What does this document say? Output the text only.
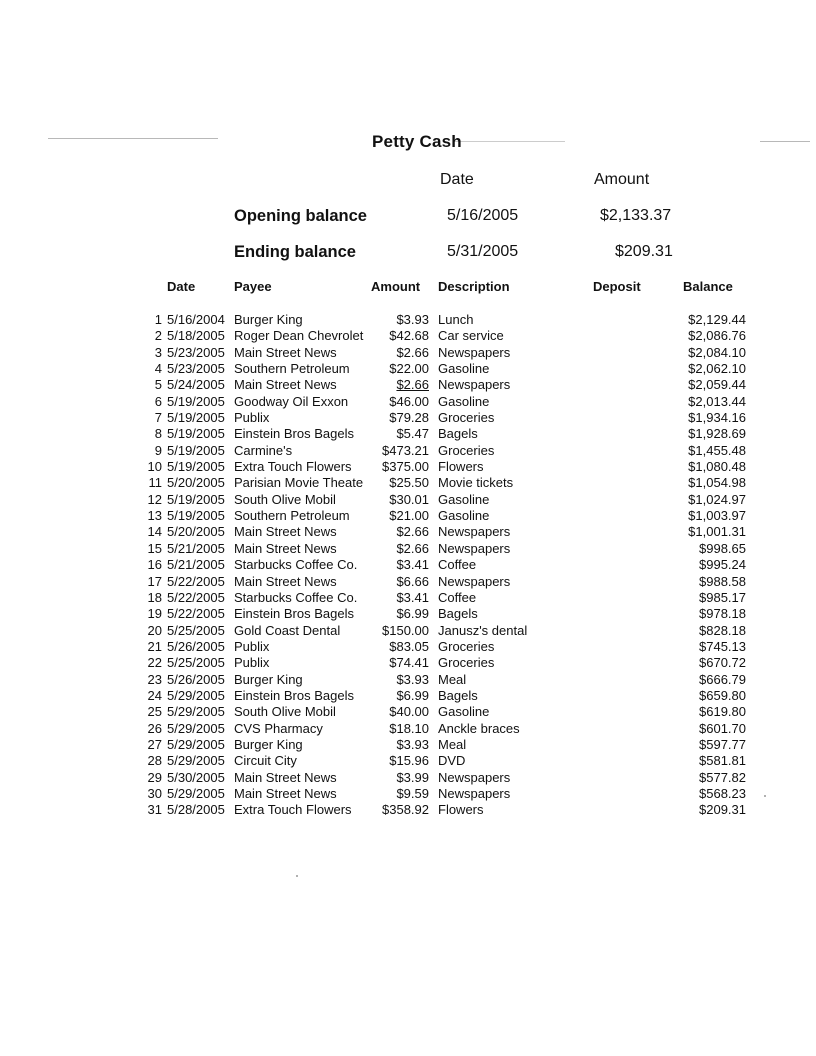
Petty Cash
Date	Amount
Opening balance	5/16/2005	$2,133.37
Ending balance	5/31/2005	$209.31
Date	Payee	Amount Description	Deposit	Balance
1 5/16/2004 Burger King	$3.93 Lunch	$2,129.44
2 5/18/2005 Roger Dean Chevrolet	$42.68 Car service	$2,086.76
3 5/23/2005 Main Street News	$2.66 Newspapers	$2,084.10
4 5/23/2005 Southern Petroleum	$22.00 Gasoline	$2,062.10
5 5/24/2005 Main Street News	$2.66 Newspapers	$2,059.44
6 5/19/2005 Goodway Oil Exxon	$46.00 Gasoline	$2,013.44
7 5/19/2005 Publix	$79.28 Groceries	$1,934.16
8 5/19/2005 Einstein Bros Bagels	$5.47 Bagels	$1,928.69
9 5/19/2005 Carmine's	$473.21 Groceries	$1,455.48
10 5/19/2005 Extra Touch Flowers	$375.00 Flowers	$1,080.48
11 5/20/2005 Parisian Movie Theate	$25.50 Movie tickets	$1,054.98
12 5/19/2005 South Olive Mobil	$30.01 Gasoline	$1,024.97
13 5/19/2005 Southern Petroleum	$21.00 Gasoline	$1,003.97
14 5/20/2005 Main Street News	$2.66 Newspapers	$1,001.31
15 5/21/2005 Main Street News	$2.66 Newspapers	$998.65
16 5/21/2005 Starbucks Coffee Co.	$3.41 Coffee	$995.24
17 5/22/2005 Main Street News	$6.66 Newspapers	$988.58
18 5/22/2005 Starbucks Coffee Co.	$3.41 Coffee	$985.17
19 5/22/2005 Einstein Bros Bagels	$6.99 Bagels	$978.18
20 5/25/2005 Gold Coast Dental	$150.00 Janusz's dental	$828.18
21 5/26/2005 Publix	$83.05 Groceries	$745.13
22 5/25/2005 Publix	$74.41 Groceries	$670.72
23 5/26/2005 Burger King	$3.93 Meal	$666.79
24 5/29/2005 Einstein Bros Bagels	$6.99 Bagels	$659.80
25 5/29/2005 South Olive Mobil	$40.00 Gasoline	$619.80
26 5/29/2005 CVS Pharmacy	$18.10 Anckle braces	$601.70
27 5/29/2005 Burger King	$3.93 Meal	$597.77
28 5/29/2005 Circuit City	$15.96 DVD	$581.81
29 5/30/2005 Main Street News	$3.99 Newspapers	$577.82
30 5/29/2005 Main Street News	$9.59 Newspapers	$568.23
31 5/28/2005 Extra Touch Flowers	$358.92 Flowers	$209.31
